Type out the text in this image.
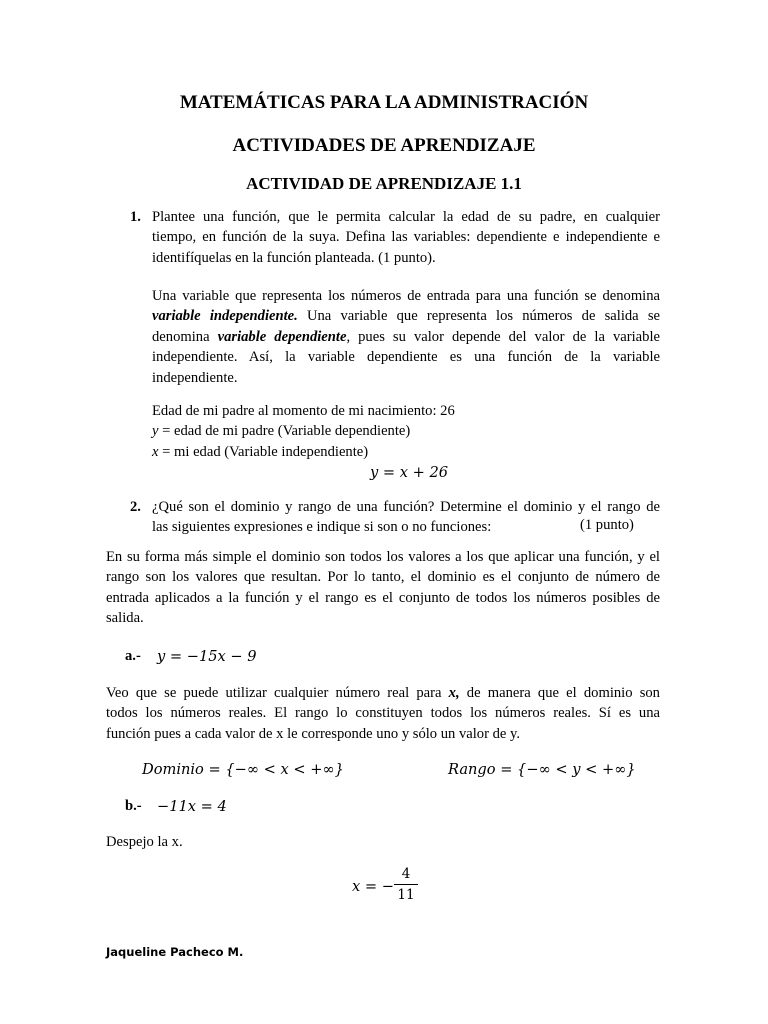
MATEMÁTICAS PARA LA ADMINISTRACIÓN
ACTIVIDADES DE APRENDIZAJE
ACTIVIDAD DE APRENDIZAJE 1.1
1. Plantee una función, que le permita calcular la edad de su padre, en cualquier
tiempo, en función de la suya. Defina las variables: dependiente e independiente e
identifíquelas en la función planteada. (1 punto).
Una variable que representa los números de entrada para una función se denomina
variable independiente. Una variable que representa los números de salida se
denomina variable dependiente, pues su valor depende del valor de la variable
independiente. Así, la variable dependiente es una función de la variable
independiente.
Edad de mi padre al momento de mi nacimiento: 26
y = edad de mi padre (Variable dependiente)
x = mi edad (Variable independiente)
y = x + 26
2. ¿Qué son el dominio y rango de una función? Determine el dominio y el rango de
las siguientes expresiones e indique si son o no funciones:	(1 punto)
En su forma más simple el dominio son todos los valores a los que aplicar una función, y el
rango son los valores que resultan. Por lo tanto, el dominio es el conjunto de número de
entrada aplicados a la función y el rango es el conjunto de todos los números posibles de
salida.
a.- y = −15x − 9
Veo que se puede utilizar cualquier número real para x, de manera que el dominio son
todos los números reales. El rango lo constituyen todos los números reales. Sí es una
función pues a cada valor de x le corresponde uno y sólo un valor de y.
Dominio = {−∞ < x < +∞}	Rango = {−∞ < y < +∞}
b.- −11x = 4
Despejo la x.
x = −
4
11
Jaqueline Pacheco M.
